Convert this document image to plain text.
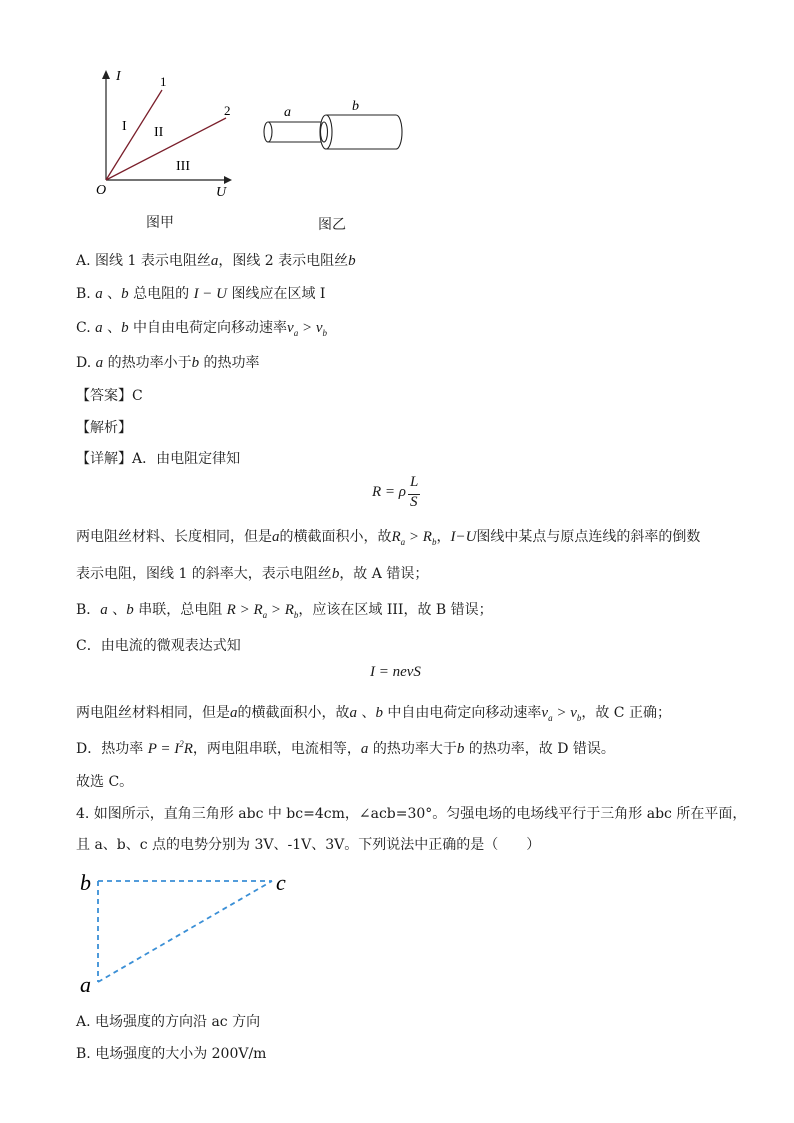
I
U
O
1
2
I II
III
图甲
a	b
图乙
A. 图线 1 表示电阻丝a，图线 2 表示电阻丝b
B. a 、b 总电阻的 I − U 图线应在区域 I
C. a 、b 中自由电荷定向移动速率$v_a > v_b$
D. a 的热功率小于b 的热功率
【答案】C
【解析】
【详解】A．由电阻定律知
R = ρ
L
S
两电阻丝材料、长度相同，但是a的横截面积小，故$R_a > R_b$，I−U图线中某点与原点连线的斜率的倒数
表示电阻，图线 1 的斜率大，表示电阻丝b，故 A 错误；
B．a 、b 串联，总电阻 $R > R_a > R_b$，应该在区域 III，故 B 错误；
C．由电流的微观表达式知
I = nevS
两电阻丝材料相同，但是a的横截面积小，故a 、b 中自由电荷定向移动速率$v_a > v_b$，故 C 正确；
D．热功率 $P = I^2R$，两电阻串联，电流相等，a 的热功率大于b 的热功率，故 D 错误。
故选 C。
4. 如图所示，直角三角形 abc 中 bc=4cm，∠acb=30°。匀强电场的电场线平行于三角形 abc 所在平面，
且 a、b、c 点的电势分别为 3V、-1V、3V。下列说法中正确的是（　　）
b	c
a
A. 电场强度的方向沿 ac 方向
B. 电场强度的大小为 200V/m
